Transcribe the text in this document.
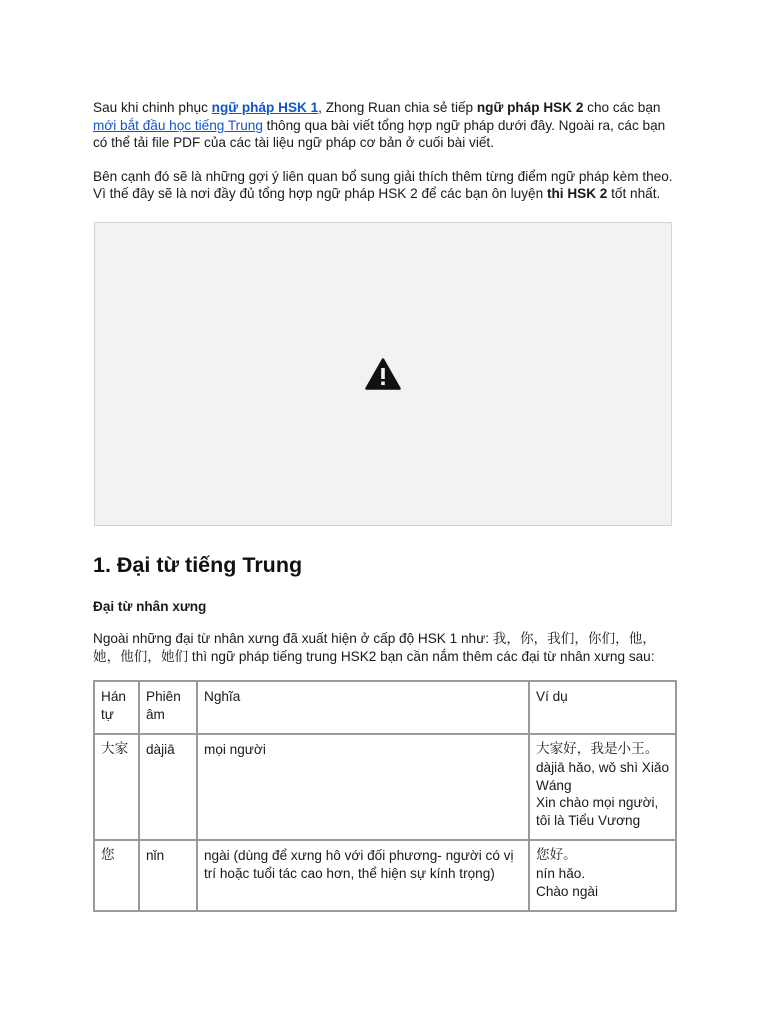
Sau khi chinh phục ngữ pháp HSK 1, Zhong Ruan chia sẻ tiếp ngữ pháp HSK 2 cho các bạn mới bắt đầu học tiếng Trung thông qua bài viết tổng hợp ngữ pháp dưới đây. Ngoài ra, các bạn có thể tải file PDF của các tài liệu ngữ pháp cơ bản ở cuối bài viết.

Bên cạnh đó sẽ là những gợi ý liên quan bổ sung giải thích thêm từng điểm ngữ pháp kèm theo. Vì thế đây sẽ là nơi đầy đủ tổng hợp ngữ pháp HSK 2 để các bạn ôn luyện thi HSK 2 tốt nhất.

1. Đại từ tiếng Trung
Đại từ nhân xưng

Ngoài những đại từ nhân xưng đã xuất hiện ở cấp độ HSK 1 như: 我，你，我们，你们，他，她，他们，她们 thì ngữ pháp tiếng trung HSK2 bạn cần nắm thêm các đại từ nhân xưng sau:

Hán tự	Phiên âm	Nghĩa	Ví dụ
大家	dàjiā	mọi người	大家好，我是小王。
dàjiā hǎo, wǒ shì Xiǎo Wáng
Xin chào mọi người, tôi là Tiểu Vương

您	nǐn	ngài (dùng để xưng hô với đối phương- người có vị trí hoặc tuổi tác cao hơn, thể hiện sự kính trọng)	您好。
nín hǎo.
Chào ngài
